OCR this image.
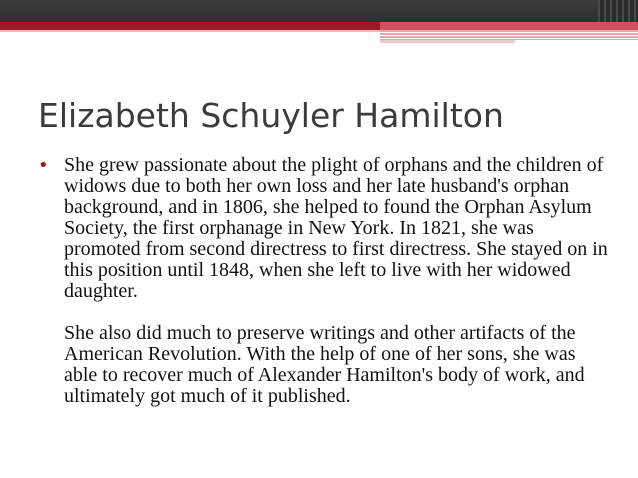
Elizabeth Schuyler Hamilton
• She grew passionate about the plight of orphans and the children of widows due to both her own loss and her late husband's orphan background, and in 1806, she helped to found the Orphan Asylum Society, the first orphanage in New York. In 1821, she was promoted from second directress to first directress. She stayed on in this position until 1848, when she left to live with her widowed daughter.

She also did much to preserve writings and other artifacts of the American Revolution. With the help of one of her sons, she was able to recover much of Alexander Hamilton's body of work, and ultimately got much of it published.
